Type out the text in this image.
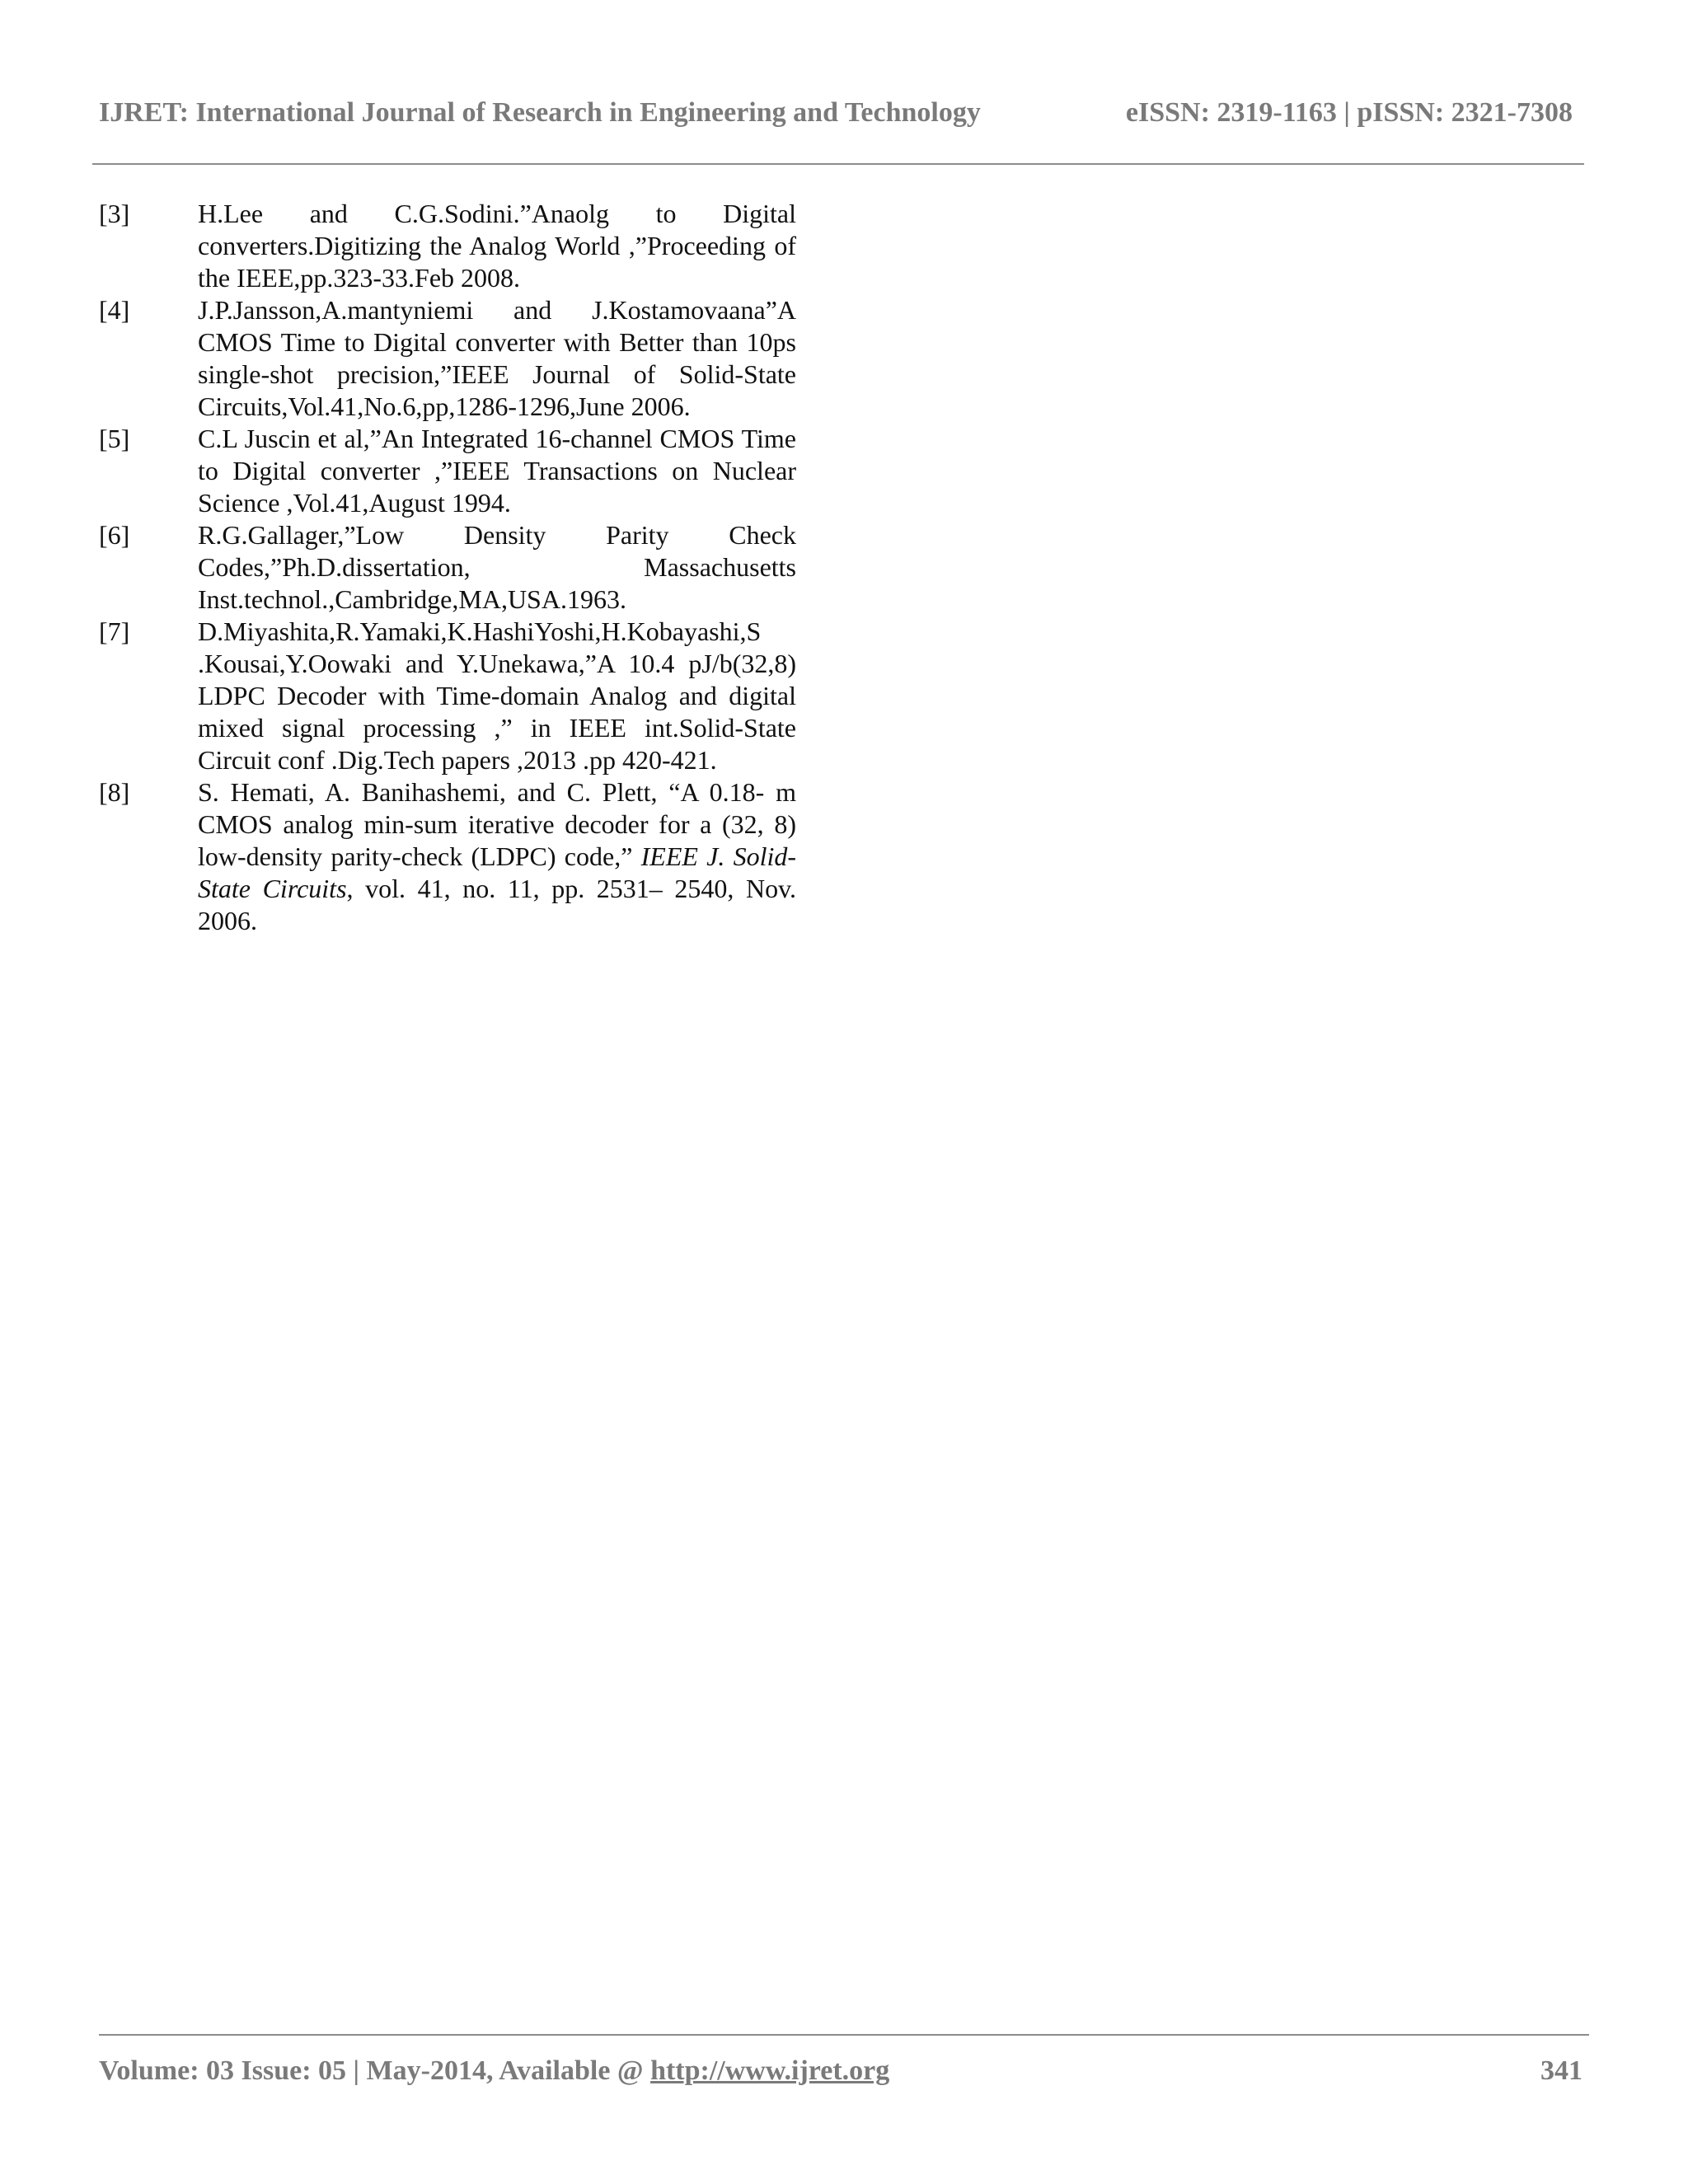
IJRET: International Journal of Research in Engineering and Technology	eISSN: 2319-1163 | pISSN: 2321-7308
[3]	H.Lee and C.G.Sodini.”Anaolg to Digital converters.Digitizing the Analog World ,”Proceeding of the IEEE,pp.323-33.Feb 2008.
[4]	J.P.Jansson,A.mantyniemi and J.Kostamovaana”A CMOS Time to Digital converter with Better than 10ps single-shot precision,”IEEE Journal of Solid-State Circuits,Vol.41,No.6,pp,1286-1296,June 2006.
[5]	C.L Juscin et al,”An Integrated 16-channel CMOS Time to Digital converter ,”IEEE Transactions on Nuclear Science ,Vol.41,August 1994.
[6]	R.G.Gallager,”Low Density Parity Check Codes,”Ph.D.dissertation, Massachusetts Inst.technol.,Cambridge,MA,USA.1963.
[7]	D.Miyashita,R.Yamaki,K.HashiYoshi,H.Kobayashi,S .Kousai,Y.Oowaki and Y.Unekawa,”A 10.4 pJ/b(32,8) LDPC Decoder with Time-domain Analog and digital mixed signal processing ,” in IEEE int.Solid-State Circuit conf .Dig.Tech papers ,2013 .pp 420-421.
[8]	S. Hemati, A. Banihashemi, and C. Plett, “A 0.18- m CMOS analog min-sum iterative decoder for a (32, 8) low-density parity-check (LDPC) code,” IEEE J. Solid-State Circuits, vol. 41, no. 11, pp. 2531– 2540, Nov. 2006.
Volume: 03 Issue: 05 | May-2014, Available @ http://www.ijret.org	341
